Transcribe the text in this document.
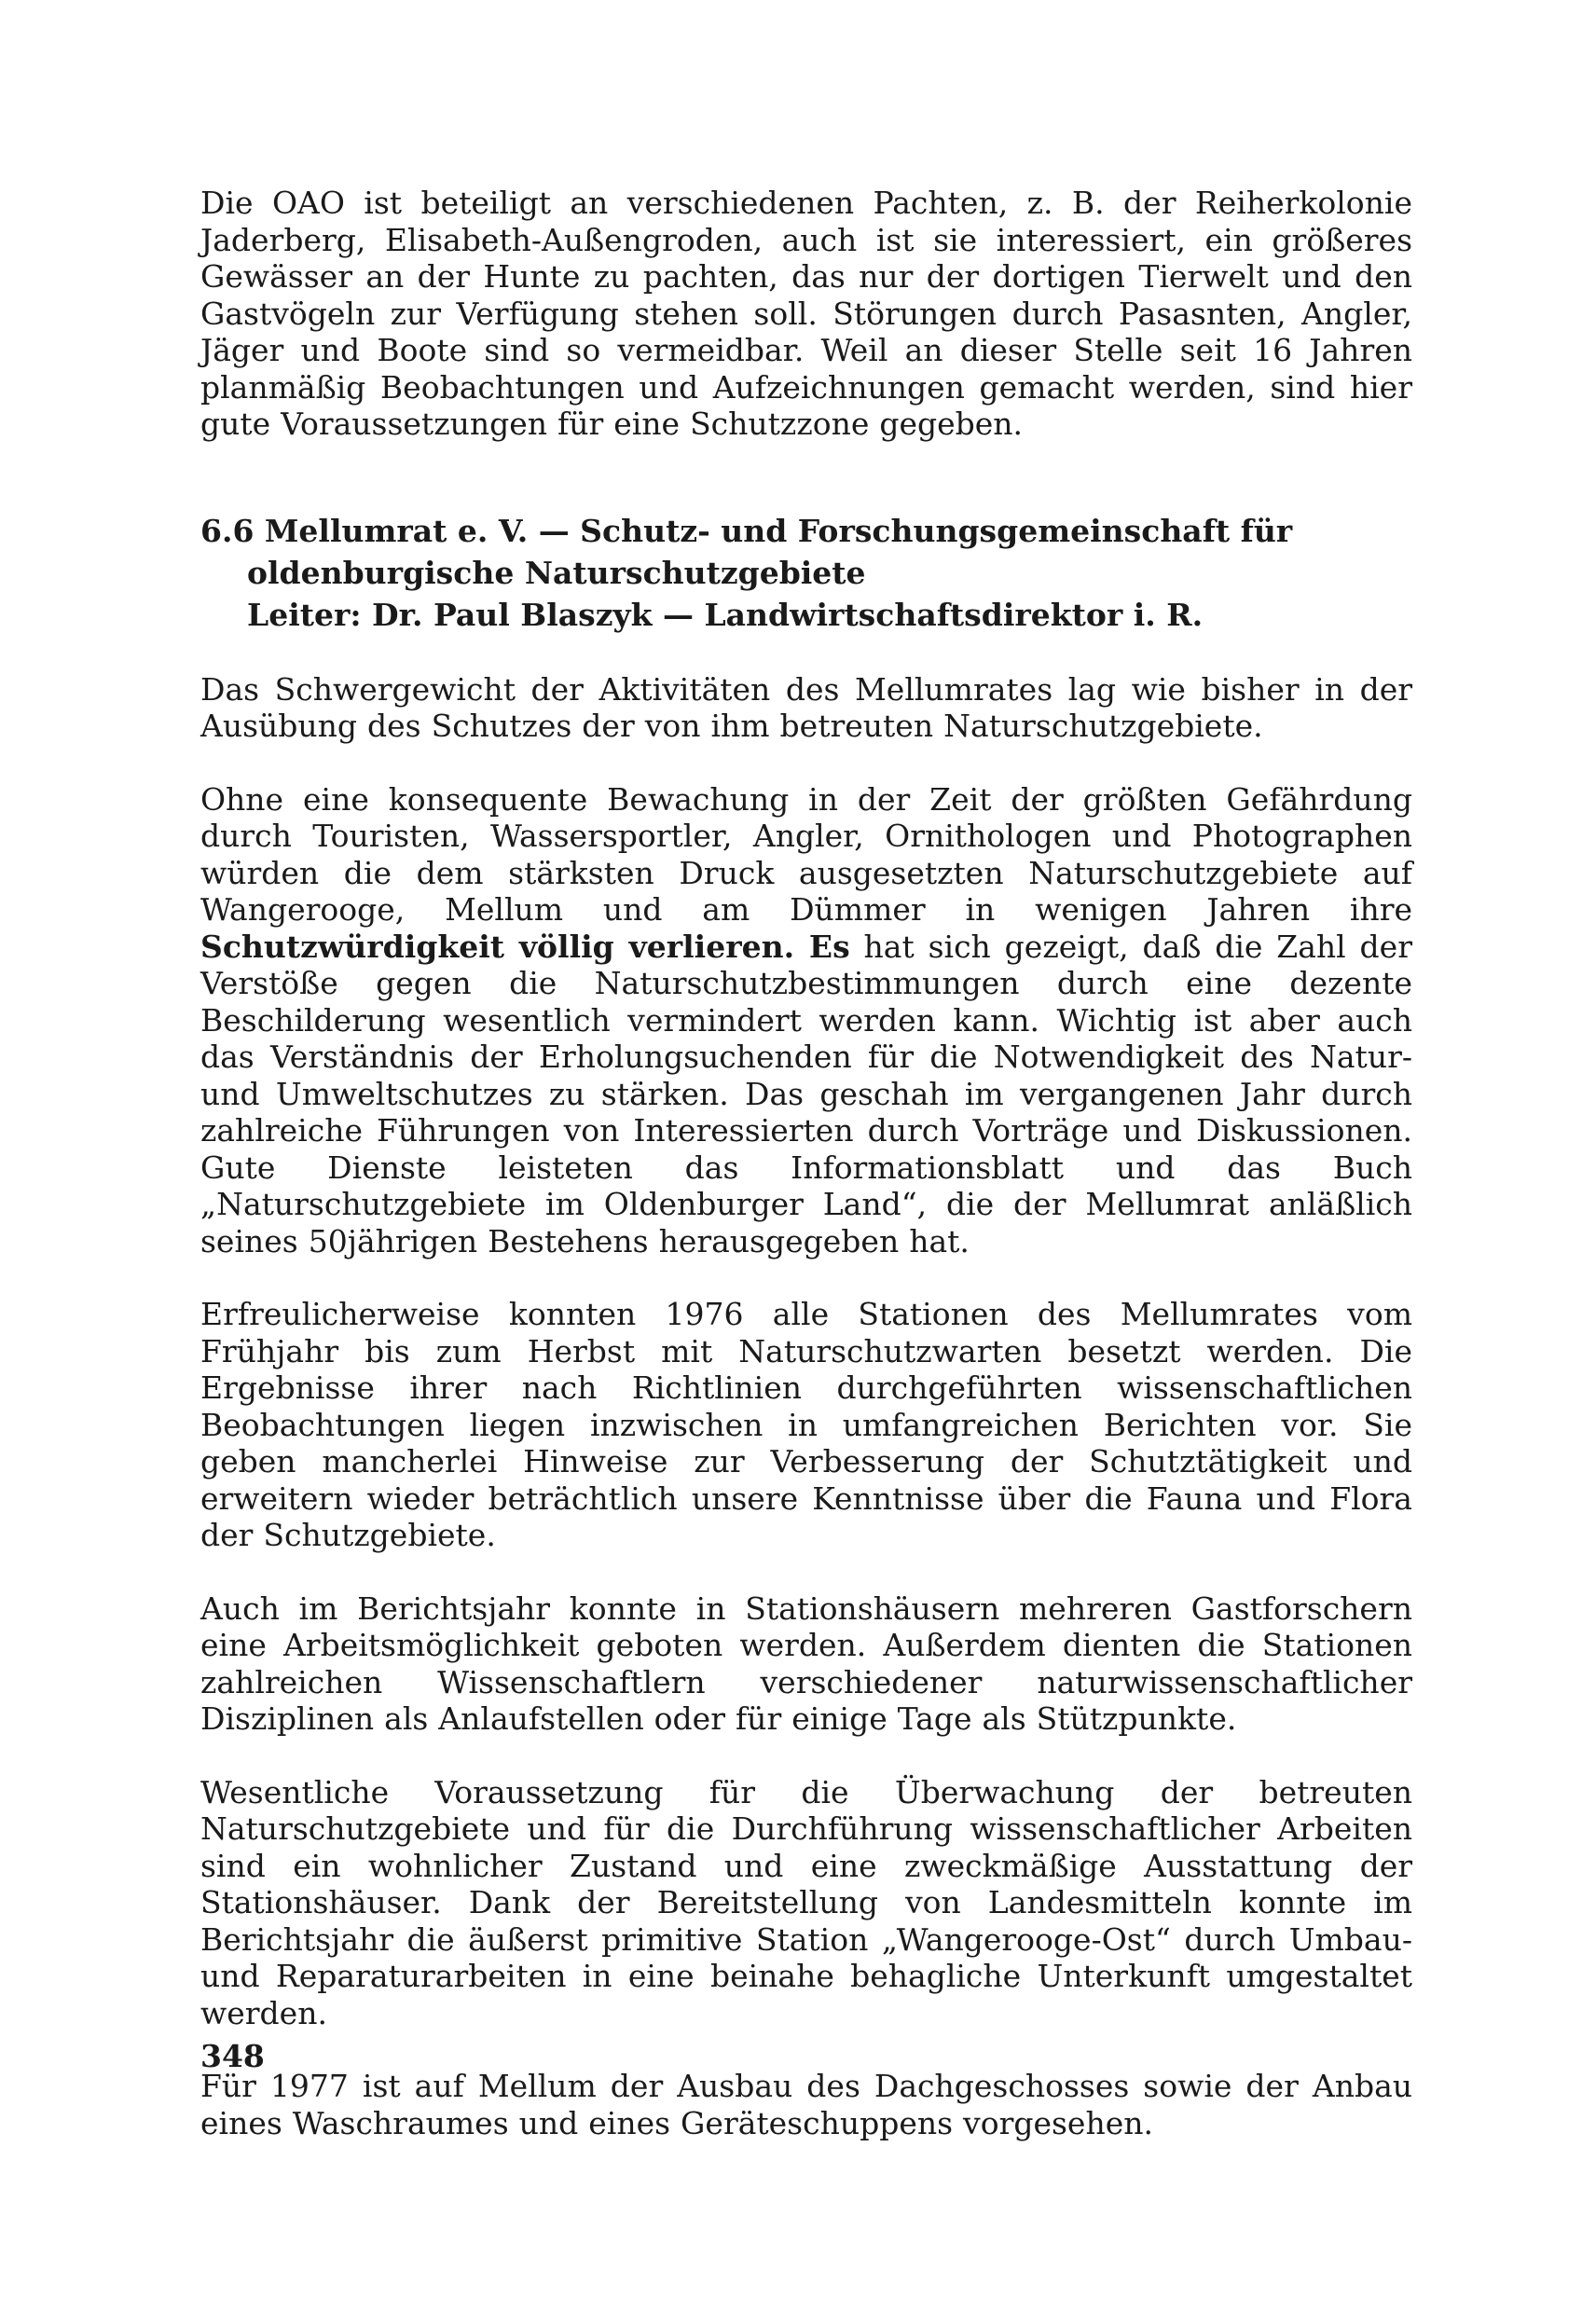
Die OAO ist beteiligt an verschiedenen Pachten, z. B. der Reiherkolonie Jaderberg, Elisabeth-Außengroden, auch ist sie interessiert, ein größeres Gewässer an der Hunte zu pachten, das nur der dortigen Tierwelt und den Gastvögeln zur Verfügung stehen soll. Störungen durch Pasasnten, Angler, Jäger und Boote sind so vermeidbar. Weil an dieser Stelle seit 16 Jahren planmäßig Beobachtungen und Aufzeichnungen gemacht werden, sind hier gute Voraussetzungen für eine Schutzzone gegeben.

6.6 Mellumrat e. V. — Schutz- und Forschungsgemeinschaft für
oldenburgische Naturschutzgebiete
Leiter: Dr. Paul Blaszyk — Landwirtschaftsdirektor i. R.

Das Schwergewicht der Aktivitäten des Mellumrates lag wie bisher in der Ausübung des Schutzes der von ihm betreuten Naturschutzgebiete.

Ohne eine konsequente Bewachung in der Zeit der größten Gefährdung durch Touristen, Wassersportler, Angler, Ornithologen und Photographen würden die dem stärksten Druck ausgesetzten Naturschutzgebiete auf Wangerooge, Mellum und am Dümmer in wenigen Jahren ihre Schutzwürdigkeit völlig verlieren. Es hat sich gezeigt, daß die Zahl der Verstöße gegen die Naturschutzbestimmungen durch eine dezente Beschilderung wesentlich vermindert werden kann. Wichtig ist aber auch das Verständnis der Erholungsuchenden für die Notwendigkeit des Natur- und Umweltschutzes zu stärken. Das geschah im vergangenen Jahr durch zahlreiche Führungen von Interessierten durch Vorträge und Diskussionen. Gute Dienste leisteten das Informationsblatt und das Buch „Naturschutzgebiete im Oldenburger Land“, die der Mellumrat anläßlich seines 50jährigen Bestehens herausgegeben hat.

Erfreulicherweise konnten 1976 alle Stationen des Mellumrates vom Frühjahr bis zum Herbst mit Naturschutzwarten besetzt werden. Die Ergebnisse ihrer nach Richtlinien durchgeführten wissenschaftlichen Beobachtungen liegen inzwischen in umfangreichen Berichten vor. Sie geben mancherlei Hinweise zur Verbesserung der Schutztätigkeit und erweitern wieder beträchtlich unsere Kenntnisse über die Fauna und Flora der Schutzgebiete.

Auch im Berichtsjahr konnte in Stationshäusern mehreren Gastforschern eine Arbeitsmöglichkeit geboten werden. Außerdem dienten die Stationen zahlreichen Wissenschaftlern verschiedener naturwissenschaftlicher Disziplinen als Anlaufstellen oder für einige Tage als Stützpunkte.

Wesentliche Voraussetzung für die Überwachung der betreuten Naturschutzgebiete und für die Durchführung wissenschaftlicher Arbeiten sind ein wohnlicher Zustand und eine zweckmäßige Ausstattung der Stationshäuser. Dank der Bereitstellung von Landesmitteln konnte im Berichtsjahr die äußerst primitive Station „Wangerooge-Ost“ durch Umbau- und Reparaturarbeiten in eine beinahe behagliche Unterkunft umgestaltet werden.

Für 1977 ist auf Mellum der Ausbau des Dachgeschosses sowie der Anbau eines Waschraumes und eines Geräteschuppens vorgesehen.

348
